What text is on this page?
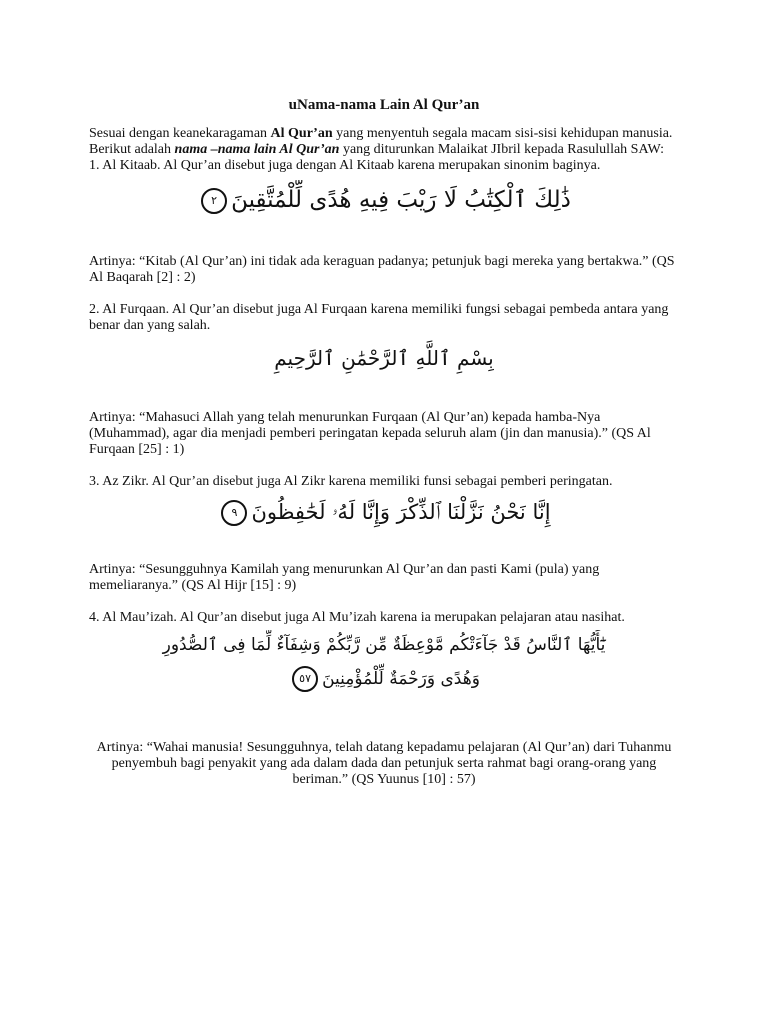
uNama-nama Lain Al Qur’an

Sesuai dengan keanekaragaman Al Qur’an yang menyentuh segala macam sisi-sisi kehidupan manusia. Berikut adalah nama –nama lain Al Qur’an yang diturunkan Malaikat JIbril kepada Rasulullah SAW:

1. Al Kitaab. Al Qur’an disebut juga dengan Al Kitaab karena merupakan sinonim baginya.

ذَٰلِكَ ٱلْكِتَٰبُ لَا رَيْبَ فِيهِ هُدًى لِّلْمُتَّقِينَ٢

Artinya: “Kitab (Al Qur’an) ini tidak ada keraguan padanya; petunjuk bagi mereka yang bertakwa.” (QS Al Baqarah [2] : 2)

2. Al Furqaan. Al Qur’an disebut juga Al Furqaan karena memiliki fungsi sebagai pembeda antara yang benar dan yang salah.

بِسْمِ ٱللَّهِ ٱلرَّحْمَٰنِ ٱلرَّحِيمِ

Artinya: “Mahasuci Allah yang telah menurunkan Furqaan (Al Qur’an) kepada hamba-Nya (Muhammad), agar dia menjadi pemberi peringatan kepada seluruh alam (jin dan manusia).” (QS Al Furqaan [25] : 1)

3. Az Zikr. Al Qur’an disebut juga Al Zikr karena memiliki funsi sebagai pemberi peringatan.

إِنَّا نَحْنُ نَزَّلْنَا ٱلذِّكْرَ وَإِنَّا لَهُۥ لَحَٰفِظُونَ٩

Artinya: “Sesungguhnya Kamilah yang menurunkan Al Qur’an dan pasti Kami (pula) yang memeliaranya.” (QS Al Hijr [15] : 9)

4. Al Mau’izah. Al Qur’an disebut juga Al Mu’izah karena ia merupakan pelajaran atau nasihat.

يَٰٓأَيُّهَا ٱلنَّاسُ قَدْ جَآءَتْكُم مَّوْعِظَةٌ مِّن رَّبِّكُمْ وَشِفَآءٌ لِّمَا فِى ٱلصُّدُورِ
وَهُدًى وَرَحْمَةٌ لِّلْمُؤْمِنِينَ٥٧

Artinya: “Wahai manusia! Sesungguhnya, telah datang kepadamu pelajaran (Al Qur’an) dari Tuhanmu penyembuh bagi penyakit yang ada dalam dada dan petunjuk serta rahmat bagi orang-orang yang beriman.” (QS Yuunus [10] : 57)
